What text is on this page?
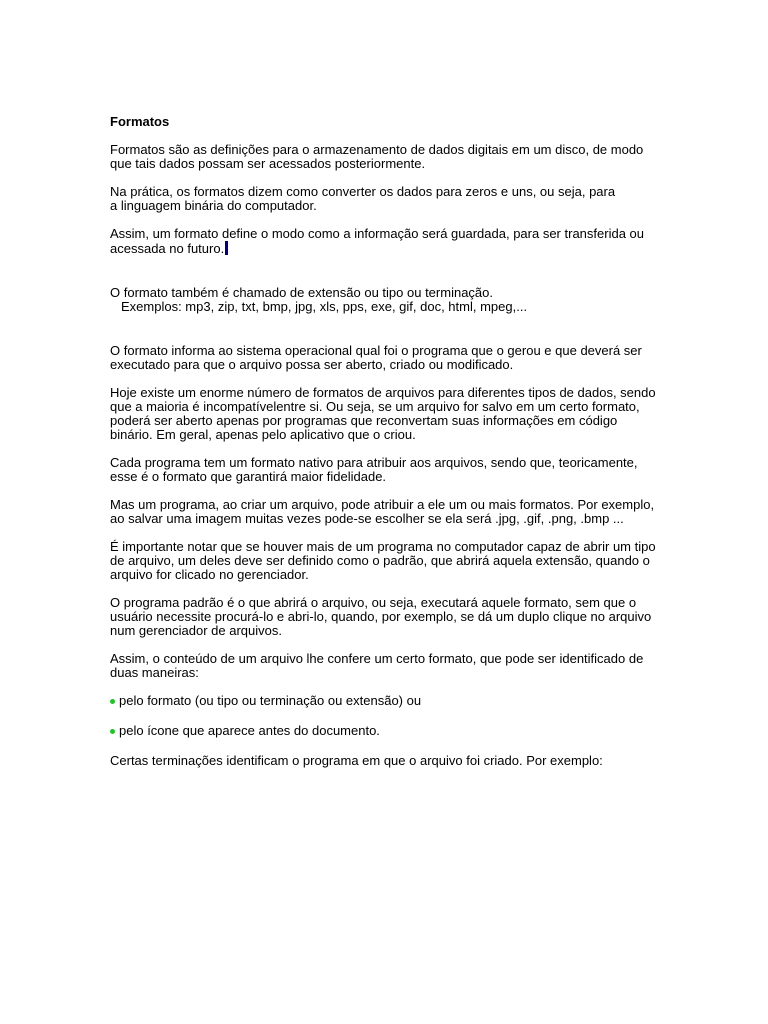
Formatos

Formatos são as definições para o armazenamento de dados digitais em um disco, de modo
que tais dados possam ser acessados posteriormente.

Na prática, os formatos dizem como converter os dados para zeros e uns, ou seja, para
a linguagem binária do computador.

Assim, um formato define o modo como a informação será guardada, para ser transferida ou
acessada no futuro.

O formato também é chamado de extensão ou tipo ou terminação.
Exemplos: mp3, zip, txt, bmp, jpg, xls, pps, exe, gif, doc, html, mpeg,...

O formato informa ao sistema operacional qual foi o programa que o gerou e que deverá ser
executado para que o arquivo possa ser aberto, criado ou modificado.

Hoje existe um enorme número de formatos de arquivos para diferentes tipos de dados, sendo
que a maioria é incompatívelentre si. Ou seja, se um arquivo for salvo em um certo formato,
poderá ser aberto apenas por programas que reconvertam suas informações em código
binário. Em geral, apenas pelo aplicativo que o criou.

Cada programa tem um formato nativo para atribuir aos arquivos, sendo que, teoricamente,
esse é o formato que garantirá maior fidelidade.

Mas um programa, ao criar um arquivo, pode atribuir a ele um ou mais formatos. Por exemplo,
ao salvar uma imagem muitas vezes pode-se escolher se ela será .jpg, .gif, .png, .bmp ...

É importante notar que se houver mais de um programa no computador capaz de abrir um tipo
de arquivo, um deles deve ser definido como o padrão, que abrirá aquela extensão, quando o
arquivo for clicado no gerenciador.

O programa padrão é o que abrirá o arquivo, ou seja, executará aquele formato, sem que o
usuário necessite procurá-lo e abri-lo, quando, por exemplo, se dá um duplo clique no arquivo
num gerenciador de arquivos.

Assim, o conteúdo de um arquivo lhe confere um certo formato, que pode ser identificado de
duas maneiras:

pelo formato (ou tipo ou terminação ou extensão) ou
pelo ícone que aparece antes do documento.

Certas terminações identificam o programa em que o arquivo foi criado. Por exemplo:
